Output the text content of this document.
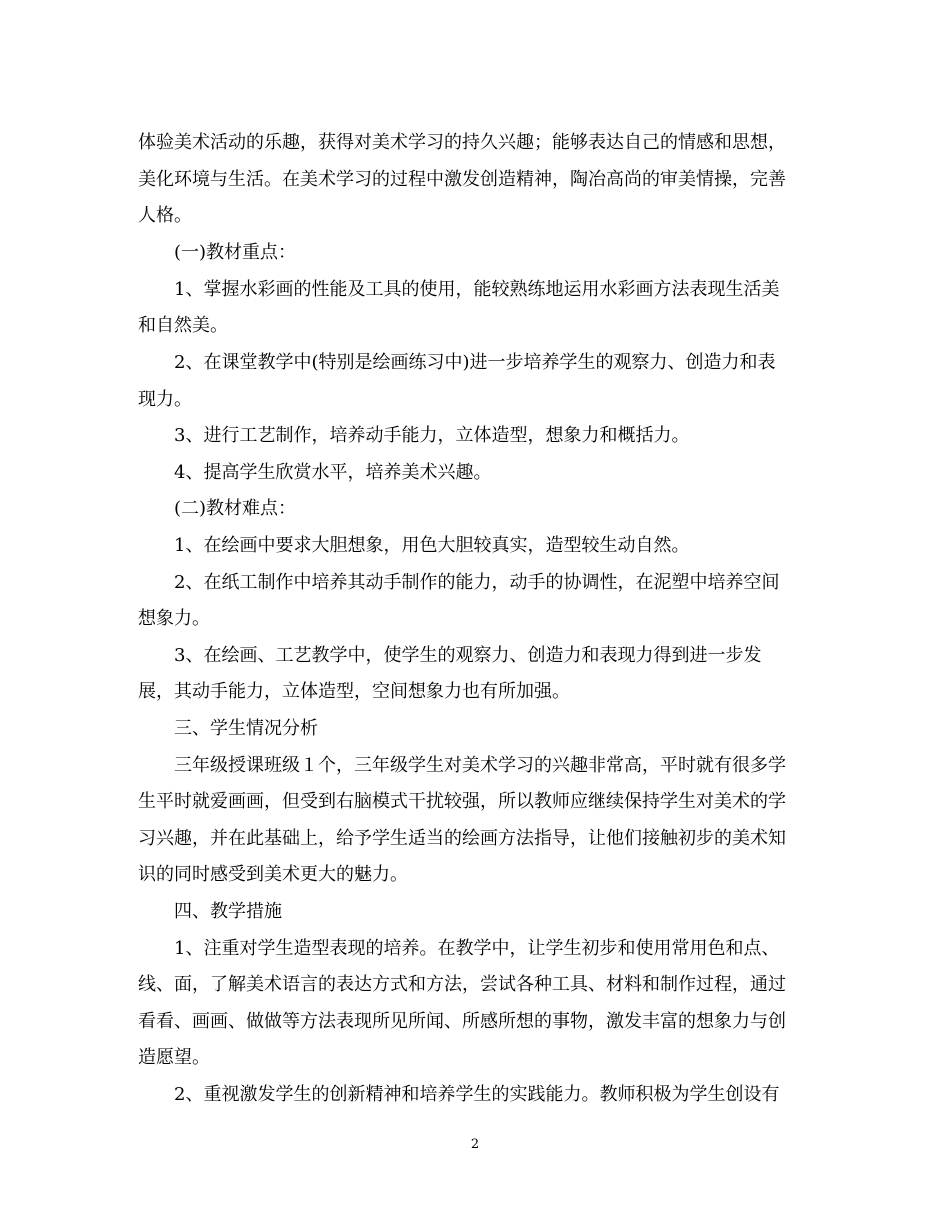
体验美术活动的乐趣，获得对美术学习的持久兴趣；能够表达自己的情感和思想，
美化环境与生活。在美术学习的过程中激发创造精神，陶冶高尚的审美情操，完善
人格。
(一)教材重点：
1、掌握水彩画的性能及工具的使用，能较熟练地运用水彩画方法表现生活美
和自然美。
2、在课堂教学中(特别是绘画练习中)进一步培养学生的观察力、创造力和表
现力。
3、进行工艺制作，培养动手能力，立体造型，想象力和概括力。
4、提高学生欣赏水平，培养美术兴趣。
(二)教材难点：
1、在绘画中要求大胆想象，用色大胆较真实，造型较生动自然。
2、在纸工制作中培养其动手制作的能力，动手的协调性，在泥塑中培养空间
想象力。
3、在绘画、工艺教学中，使学生的观察力、创造力和表现力得到进一步发
展，其动手能力，立体造型，空间想象力也有所加强。
三、学生情况分析
三年级授课班级１个，三年级学生对美术学习的兴趣非常高，平时就有很多学
生平时就爱画画，但受到右脑模式干扰较强，所以教师应继续保持学生对美术的学
习兴趣，并在此基础上，给予学生适当的绘画方法指导，让他们接触初步的美术知
识的同时感受到美术更大的魅力。
四、教学措施
1、注重对学生造型表现的培养。在教学中，让学生初步和使用常用色和点、
线、面，了解美术语言的表达方式和方法，尝试各种工具、材料和制作过程，通过
看看、画画、做做等方法表现所见所闻、所感所想的事物，激发丰富的想象力与创
造愿望。
2、重视激发学生的创新精神和培养学生的实践能力。教师积极为学生创设有
2
